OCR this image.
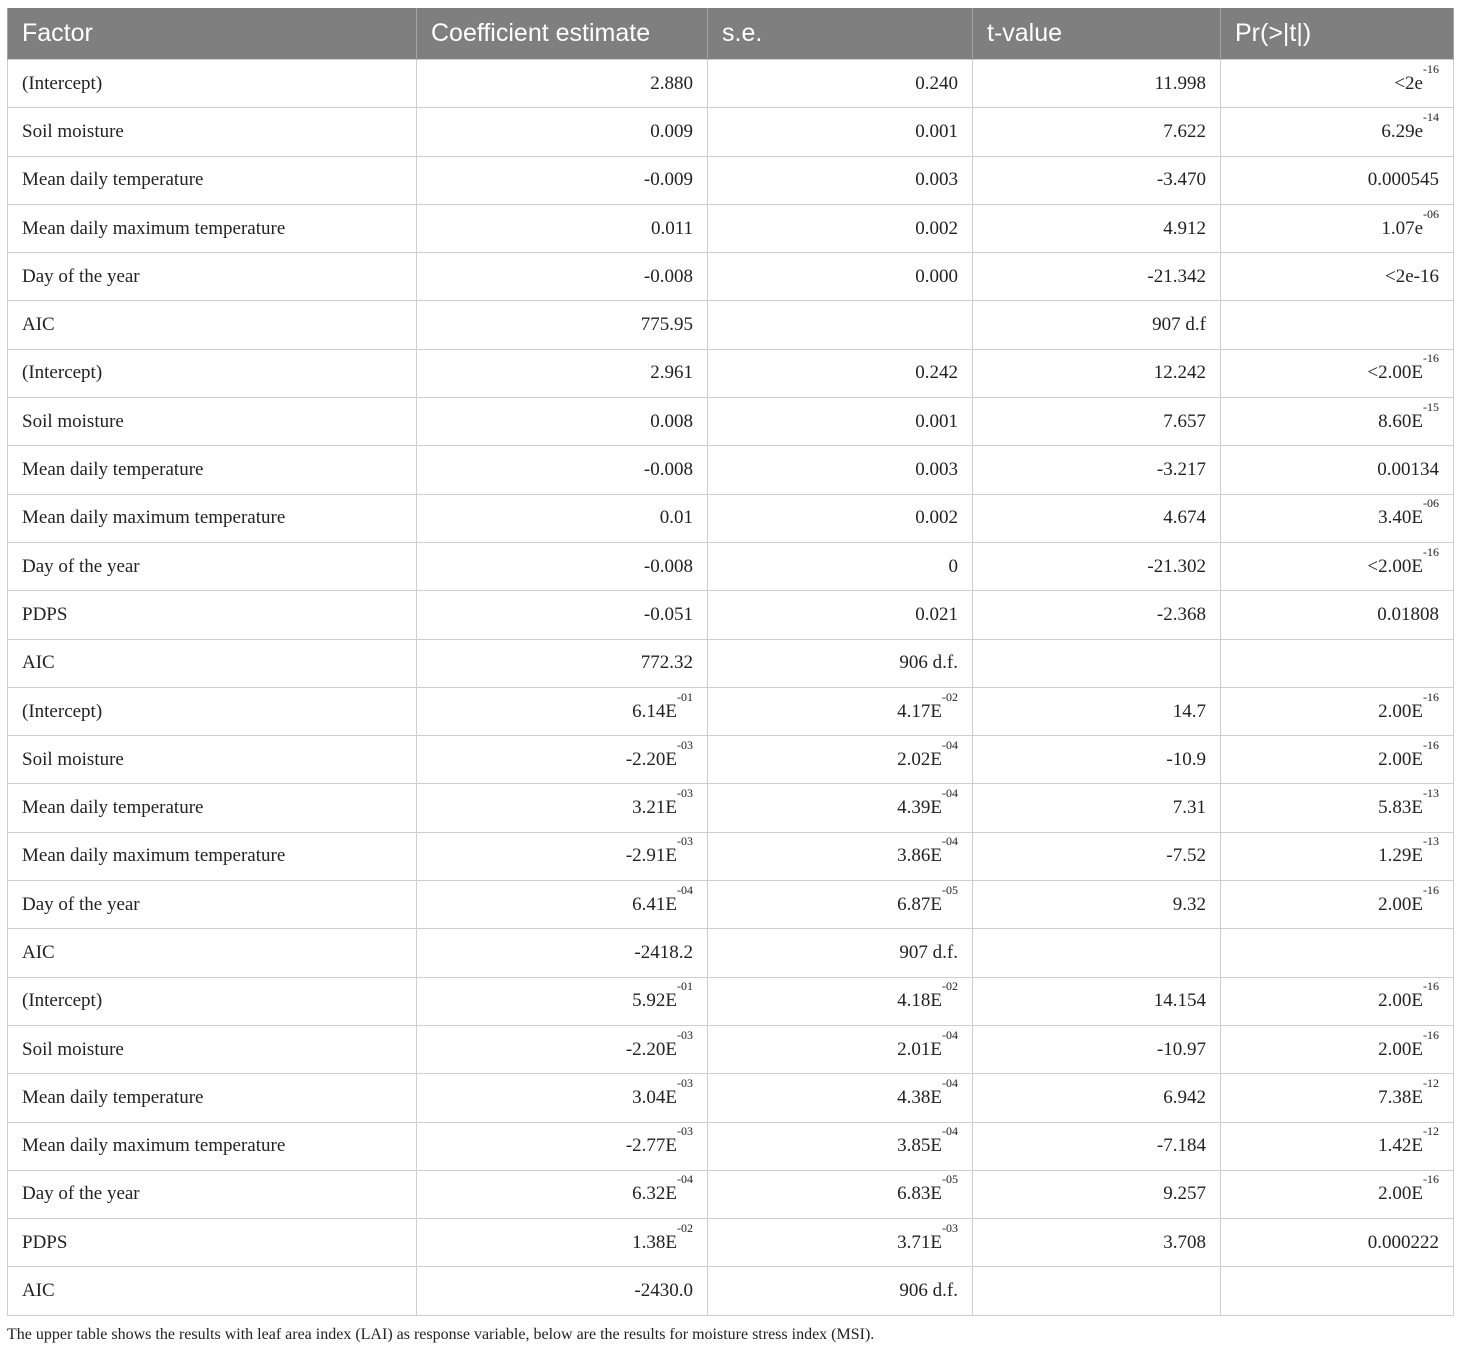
Factor	Coefficient estimate	s.e.	t-value	Pr(>|t|)
(Intercept)	2.880	0.240	11.998	$<2e^{-16}$
Soil moisture	0.009	0.001	7.622	$6.29e^{-14}$
Mean daily temperature	-0.009	0.003	-3.470	0.000545
Mean daily maximum temperature	0.011	0.002	4.912	$1.07e^{-06}$
Day of the year	-0.008	0.000	-21.342	<2e-16
AIC	775.95		907 d.f	
(Intercept)	2.961	0.242	12.242	$<2.00E^{-16}$
Soil moisture	0.008	0.001	7.657	$8.60E^{-15}$
Mean daily temperature	-0.008	0.003	-3.217	0.00134
Mean daily maximum temperature	0.01	0.002	4.674	$3.40E^{-06}$
Day of the year	-0.008	0	-21.302	$<2.00E^{-16}$
PDPS	-0.051	0.021	-2.368	0.01808
AIC	772.32	906 d.f.		
(Intercept)	$6.14E^{-01}$	$4.17E^{-02}$	14.7	$2.00E^{-16}$
Soil moisture	$-2.20E^{-03}$	$2.02E^{-04}$	-10.9	$2.00E^{-16}$
Mean daily temperature	$3.21E^{-03}$	$4.39E^{-04}$	7.31	$5.83E^{-13}$
Mean daily maximum temperature	$-2.91E^{-03}$	$3.86E^{-04}$	-7.52	$1.29E^{-13}$
Day of the year	$6.41E^{-04}$	$6.87E^{-05}$	9.32	$2.00E^{-16}$
AIC	-2418.2	907 d.f.		
(Intercept)	$5.92E^{-01}$	$4.18E^{-02}$	14.154	$2.00E^{-16}$
Soil moisture	$-2.20E^{-03}$	$2.01E^{-04}$	-10.97	$2.00E^{-16}$
Mean daily temperature	$3.04E^{-03}$	$4.38E^{-04}$	6.942	$7.38E^{-12}$
Mean daily maximum temperature	$-2.77E^{-03}$	$3.85E^{-04}$	-7.184	$1.42E^{-12}$
Day of the year	$6.32E^{-04}$	$6.83E^{-05}$	9.257	$2.00E^{-16}$
PDPS	$1.38E^{-02}$	$3.71E^{-03}$	3.708	0.000222
AIC	-2430.0	906 d.f.		
The upper table shows the results with leaf area index (LAI) as response variable, below are the results for moisture stress index (MSI).
